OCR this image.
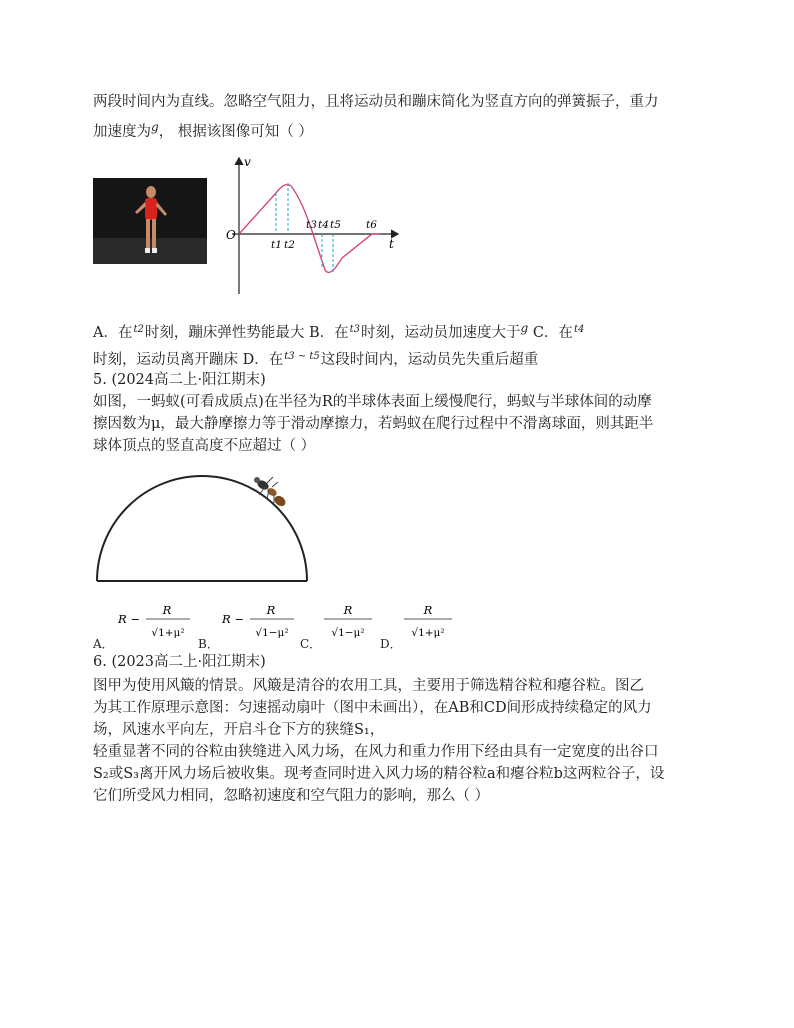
两段时间内为直线。忽略空气阻力，且将运动员和蹦床简化为竖直方向的弹簧振子，重力
加速度为$^g$， 根据该图像可知（ ）
v
t
O
t1 t2
t3 t4 t5 t6
A．在$^{t2}$时刻，蹦床弹性势能最大 B．在$^{t3}$时刻，运动员加速度大于$^g$ C．在$^{t4}$
时刻，运动员离开蹦床 D．在$^{t3 \sim t5}$这段时间内，运动员先失重后超重
5. (2024高二上·阳江期末)
如图，一蚂蚁(可看成质点)在半径为R的半球体表面上缓慢爬行，蚂蚁与半球体间的动摩
擦因数为μ，最大静摩擦力等于滑动摩擦力，若蚂蚁在爬行过程中不滑离球面，则其距半
球体顶点的竖直高度不应超过（ ）
A．
R −
R
√1+μ²
B．
R −
R
√1−μ²
C．
R
√1−μ²
D．
R
√1+μ²
6. (2023高二上·阳江期末)
图甲为使用风簸的情景。风簸是清谷的农用工具，主要用于筛选精谷粒和瘪谷粒。图乙
为其工作原理示意图：匀速摇动扇叶（图中未画出），在AB和CD间形成持续稳定的风力
场，风速水平向左，开启斗仓下方的狭缝S₁，
轻重显著不同的谷粒由狭缝进入风力场，在风力和重力作用下经由具有一定宽度的出谷口
S₂或S₃离开风力场后被收集。现考查同时进入风力场的精谷粒a和瘪谷粒b这两粒谷子，设
它们所受风力相同，忽略初速度和空气阻力的影响，那么（ ）
